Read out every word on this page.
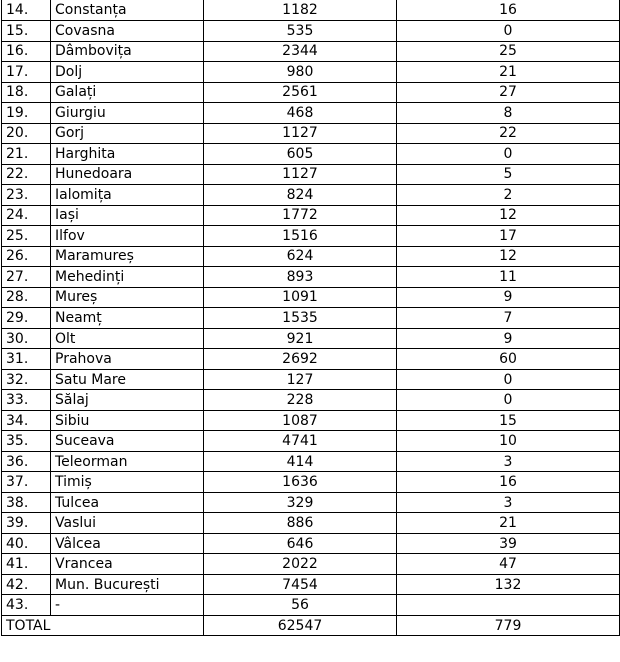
14.	Constanța	1182	16
15.	Covasna	535	0
16.	Dâmbovița	2344	25
17.	Dolj	980	21
18.	Galați	2561	27
19.	Giurgiu	468	8
20.	Gorj	1127	22
21.	Harghita	605	0
22.	Hunedoara	1127	5
23.	Ialomița	824	2
24.	Iași	1772	12
25.	Ilfov	1516	17
26.	Maramureș	624	12
27.	Mehedinți	893	11
28.	Mureș	1091	9
29.	Neamț	1535	7
30.	Olt	921	9
31.	Prahova	2692	60
32.	Satu Mare	127	0
33.	Sălaj	228	0
34.	Sibiu	1087	15
35.	Suceava	4741	10
36.	Teleorman	414	3
37.	Timiș	1636	16
38.	Tulcea	329	3
39.	Vaslui	886	21
40.	Vâlcea	646	39
41.	Vrancea	2022	47
42.	Mun. București	7454	132
43.	-	56	
TOTAL		62547	779
